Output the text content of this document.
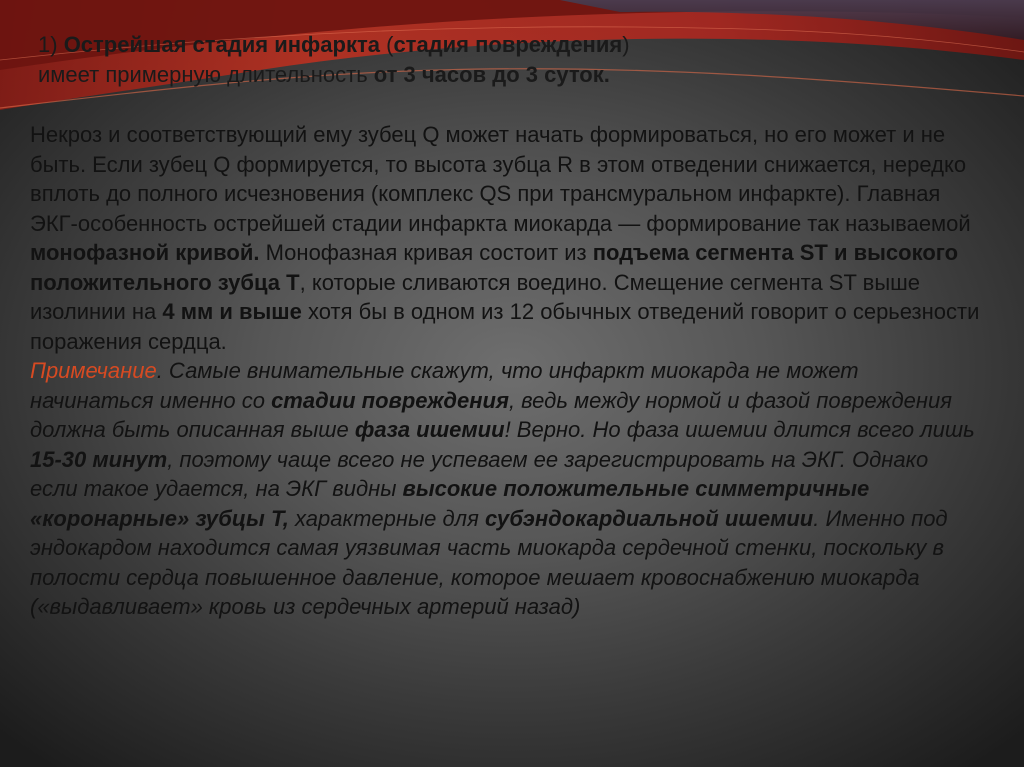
1) Острейшая стадия инфаркта (стадия повреждения)
имеет примерную длительность от 3 часов до 3 суток.
Некроз и соответствующий ему зубец Q может начать формироваться, но его может и не быть. Если зубец Q формируется, то высота зубца R в этом отведении снижается, нередко вплоть до полного исчезновения (комплекс QS при трансмуральном инфаркте). Главная ЭКГ-особенность острейшей стадии инфаркта миокарда — формирование так называемой монофазной кривой. Монофазная кривая состоит из подъема сегмента ST и высокого положительного зубца T, которые сливаются воедино. Смещение сегмента ST выше изолинии на 4 мм и выше хотя бы в одном из 12 обычных отведений говорит о серьезности поражения сердца.
Примечание. Самые внимательные скажут, что инфаркт миокарда не может начинаться именно со стадии повреждения, ведь между нормой и фазой повреждения должна быть описанная выше фаза ишемии! Верно. Но фаза ишемии длится всего лишь 15-30 минут, поэтому чаще всего не успеваем ее зарегистрировать на ЭКГ. Однако если такое удается, на ЭКГ видны высокие положительные симметричные «коронарные» зубцы T, характерные для субэндокардиальной ишемии. Именно под эндокардом находится самая уязвимая часть миокарда сердечной стенки, поскольку в полости сердца повышенное давление, которое мешает кровоснабжению миокарда («выдавливает» кровь из сердечных артерий назад)
